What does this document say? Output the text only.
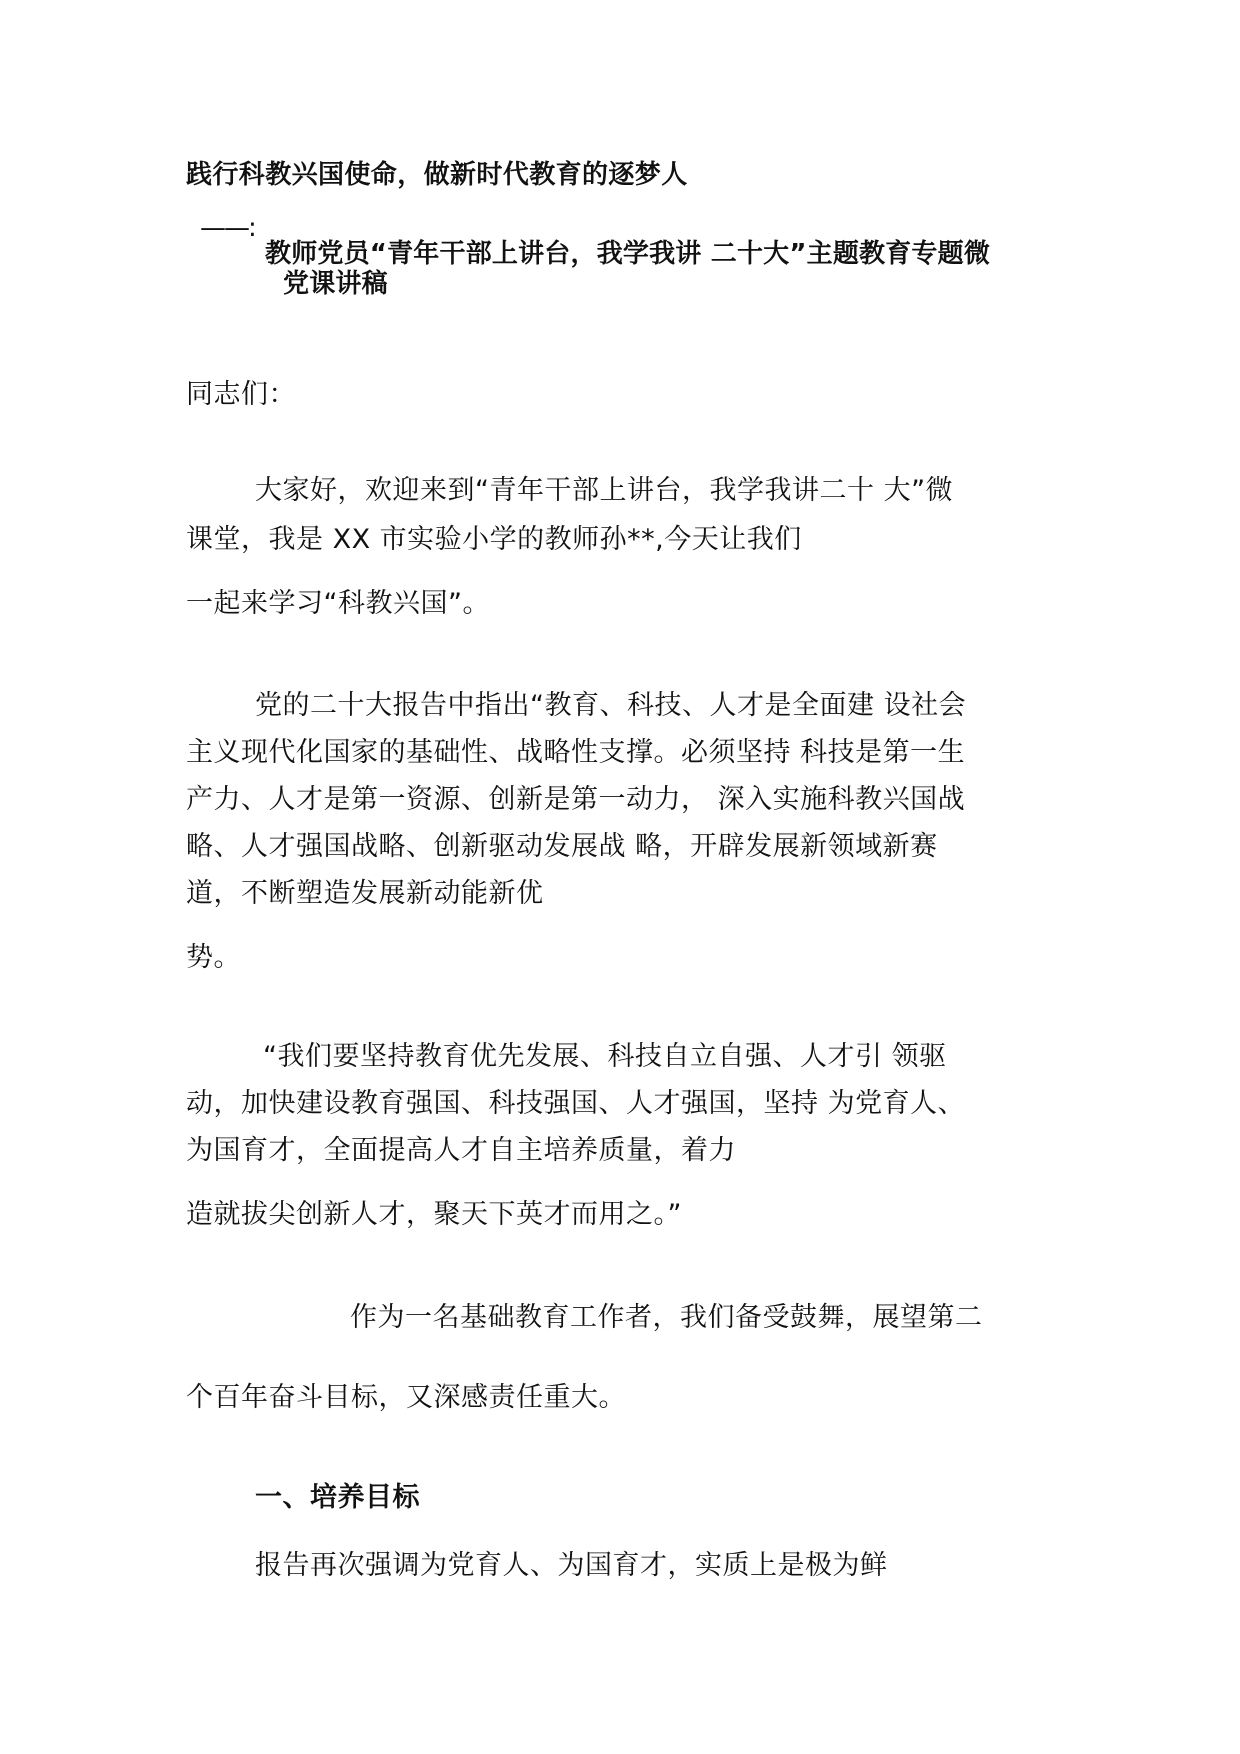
践行科教兴国使命，做新时代教育的逐梦人
——:
教师党员“青年干部上讲台，我学我讲 二十大”主题教育专题微
党课讲稿
同志们：
大家好，欢迎来到“青年干部上讲台，我学我讲二十 大”微
课堂，我是 XX 市实验小学的教师孙**,今天让我们
一起来学习“科教兴国”。
党的二十大报告中指出“教育、科技、人才是全面建 设社会
主义现代化国家的基础性、战略性支撑。必须坚持 科技是第一生
产力、人才是第一资源、创新是第一动力， 深入实施科教兴国战
略、人才强国战略、创新驱动发展战 略，开辟发展新领域新赛
道，不断塑造发展新动能新优
势。
“我们要坚持教育优先发展、科技自立自强、人才引 领驱
动，加快建设教育强国、科技强国、人才强国，坚持 为党育人、
为国育才，全面提高人才自主培养质量，着力
造就拔尖创新人才，聚天下英才而用之。”
作为一名基础教育工作者，我们备受鼓舞，展望第二
个百年奋斗目标，又深感责任重大。
一、培养目标
报告再次强调为党育人、为国育才，实质上是极为鲜
